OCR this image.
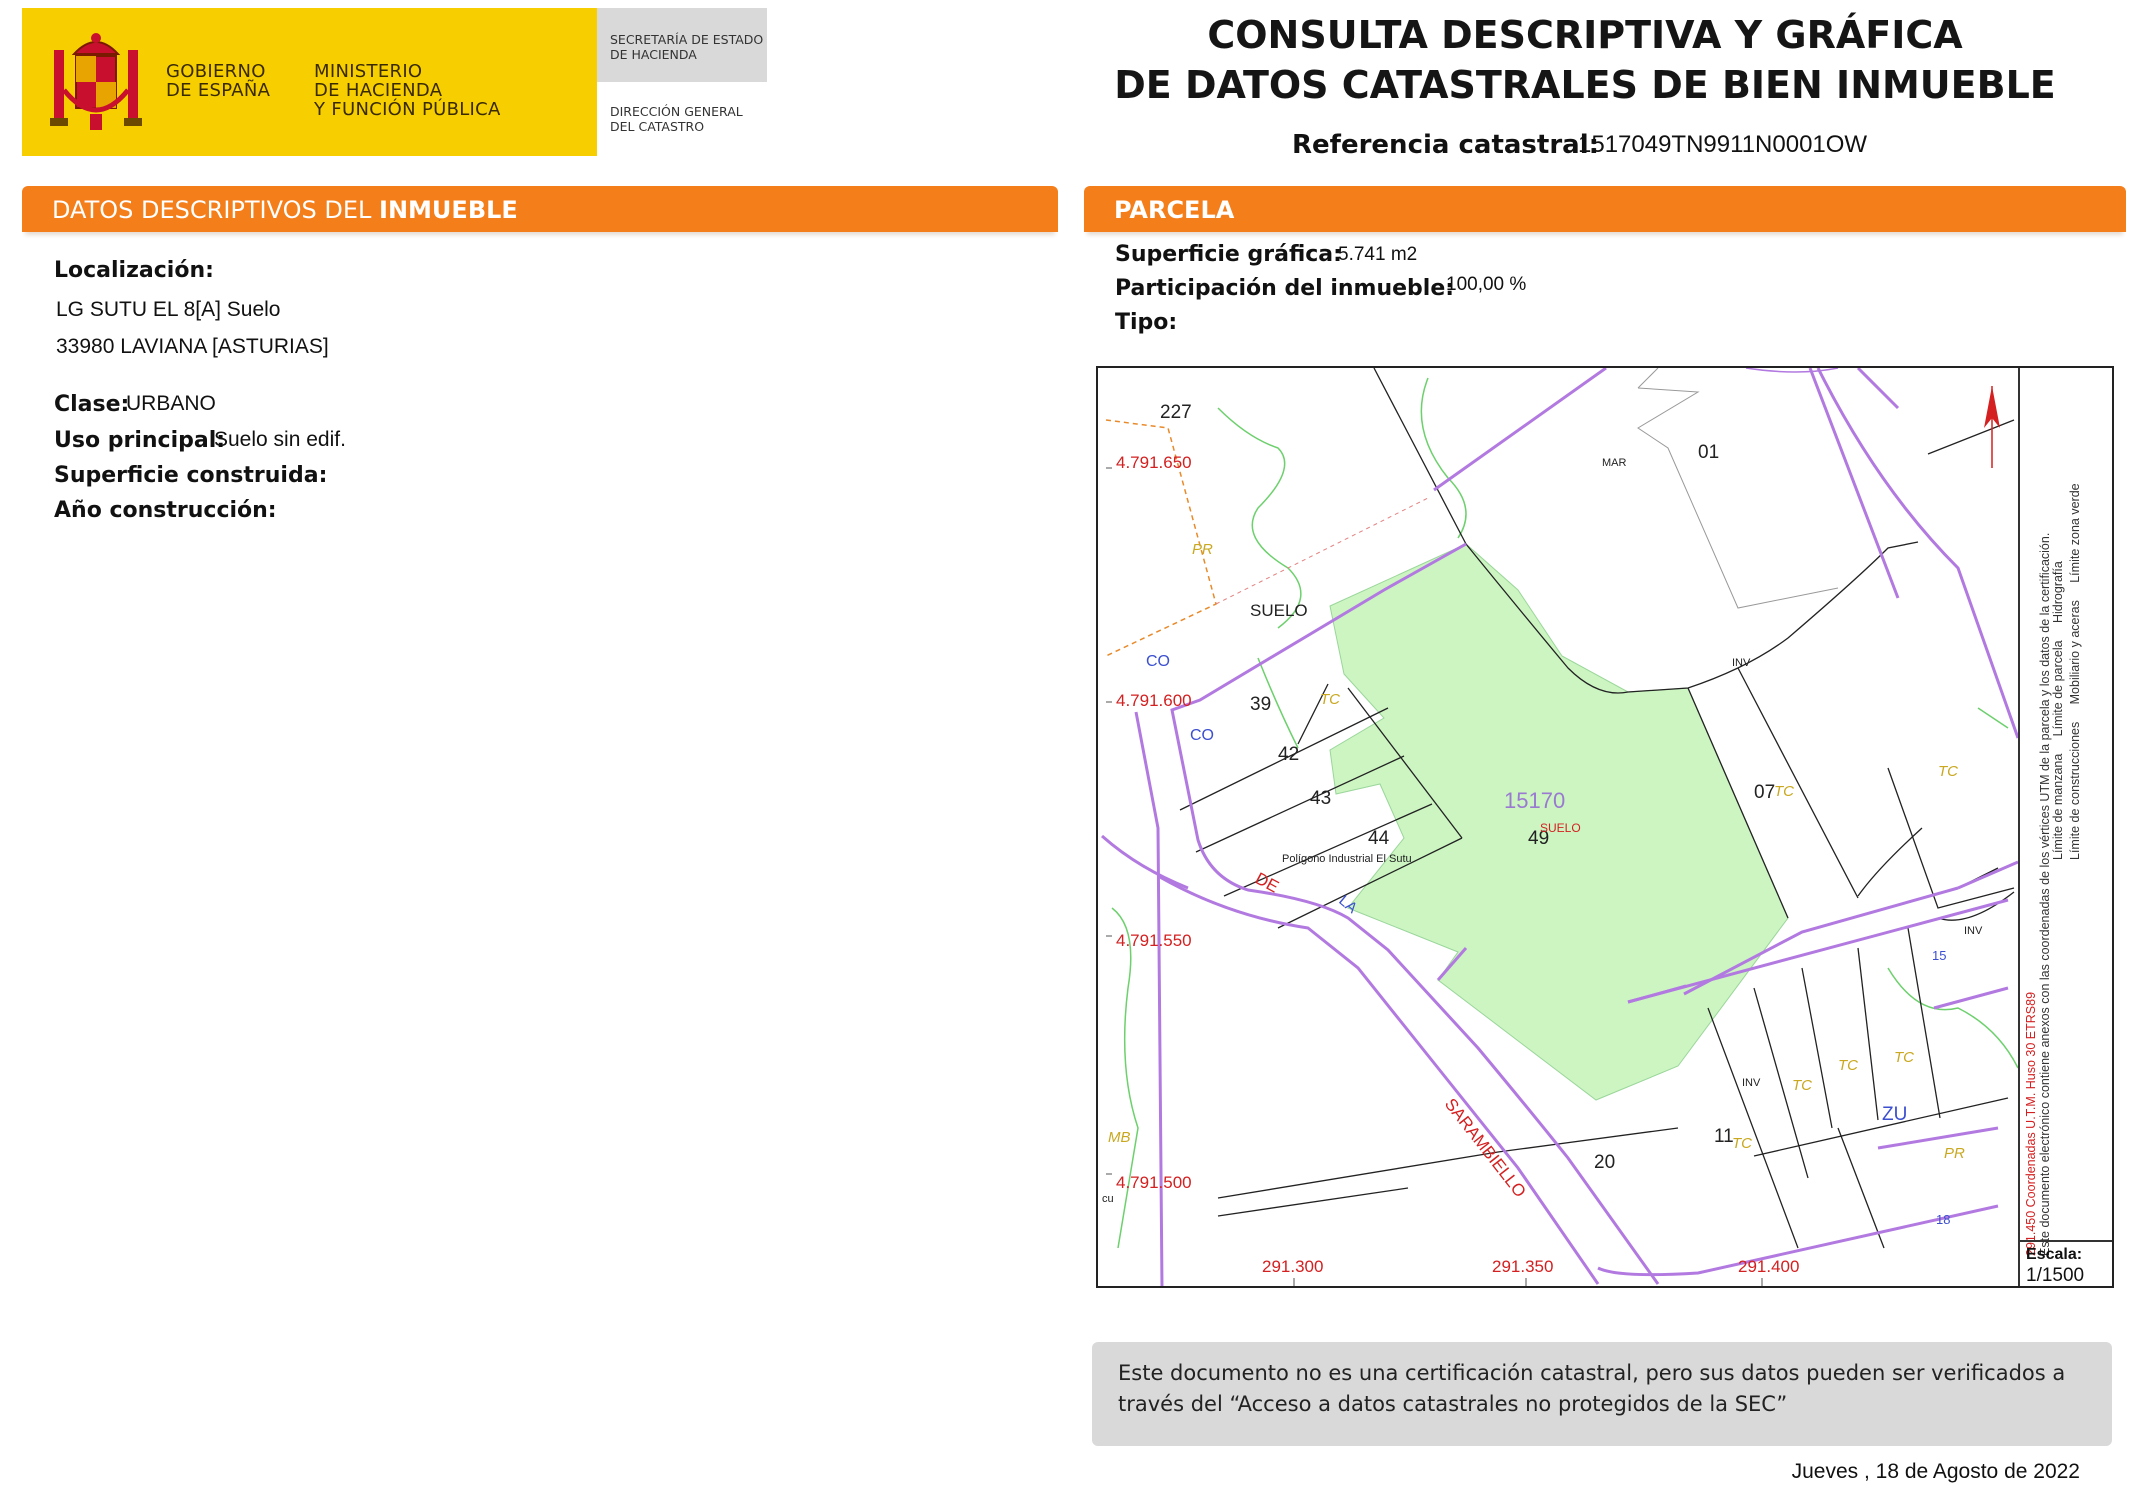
GOBIERNO
DE ESPAÑA
MINISTERIO
DE HACIENDA
Y FUNCIÓN PÚBLICA
SECRETARÍA DE ESTADO
DE HACIENDA
DIRECCIÓN GENERAL
DEL CATASTRO
CONSULTA DESCRIPTIVA Y GRÁFICA
DE DATOS CATASTRALES DE BIEN INMUEBLE
Referencia catastral:
1517049TN9911N0001OW
DATOS DESCRIPTIVOS DEL INMUEBLE
Localización:
LG SUTU EL 8[A] Suelo
33980 LAVIANA [ASTURIAS]
Clase:
URBANO
Uso principal:
Suelo sin edif.
Superficie construida:
Año construcción:
PARCELA
Superficie gráfica:
5.741 m2
Participación del inmueble:
100,00 %
Tipo:
4.791.650
4.791.600
4.791.550
4.791.500
291.300	291.350	291.400
227
01
39
42
43
44
07
49
20
11
SUELO
15170
SUELO
MAR
CO
CO
ZU
15
18
PR
PR
TC
TC
TC
TC
TC TC
TC
MB
INV
INV
INV
cu
Polígono Industrial El Sutu
DE
SARAMBIELLO
LA
291.450 Coordenadas U.T.M. Huso 30 ETRS89 Este documento electrónico contiene anexos con las coordenadas de los vértices UTM de la parcela y los datos de la certificación.
Escala:
1/1500
Límite de manzana     Límite de parcela     Hidrografía
Límite de construcciones     Mobiliario y aceras     Límite zona verde
Este documento no es una certificación catastral, pero sus datos pueden ser verificados a través del “Acceso a datos catastrales no protegidos de la SEC”
Jueves , 18 de Agosto de 2022
